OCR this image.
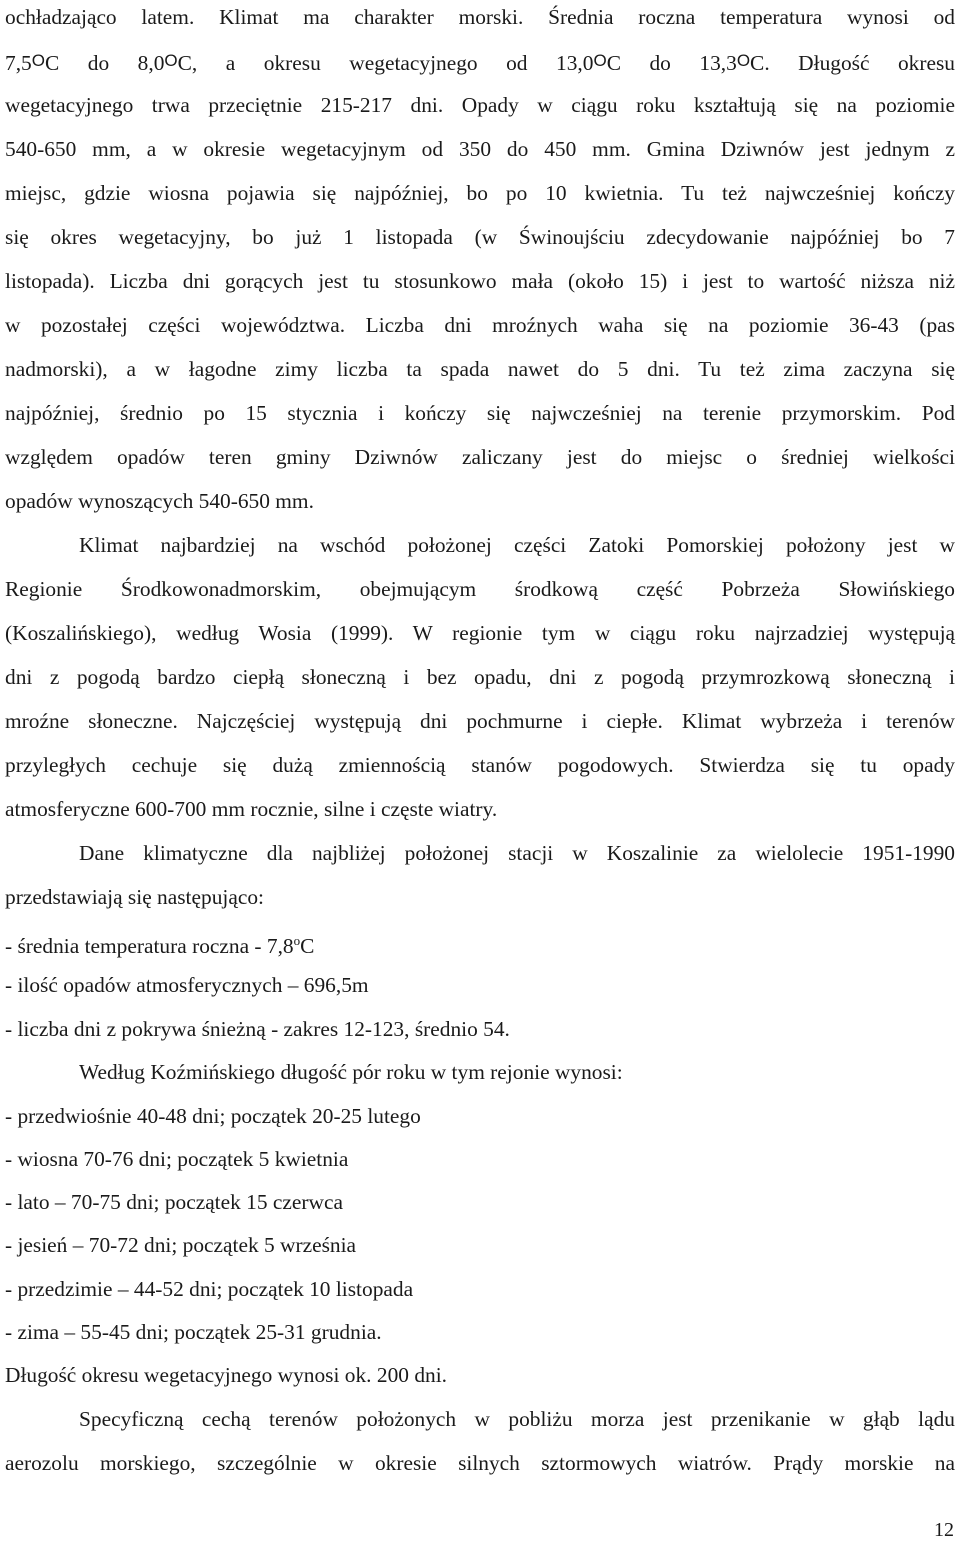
ochładzająco latem. Klimat ma charakter morski. Średnia roczna temperatura wynosi od
7,5OC do 8,0OC, a okresu wegetacyjnego od 13,0OC do 13,3OC. Długość okresu
wegetacyjnego trwa przeciętnie 215-217 dni. Opady w ciągu roku kształtują się na poziomie
540-650 mm, a w okresie wegetacyjnym od 350 do 450 mm. Gmina Dziwnów jest jednym z
miejsc, gdzie wiosna pojawia się najpóźniej, bo po 10 kwietnia. Tu też najwcześniej kończy
się okres wegetacyjny, bo już 1 listopada (w Świnoujściu zdecydowanie najpóźniej bo 7
listopada). Liczba dni gorących jest tu stosunkowo mała (około 15) i jest to wartość niższa niż
w pozostałej części województwa. Liczba dni mroźnych waha się na poziomie 36-43 (pas
nadmorski), a w łagodne zimy liczba ta spada nawet do 5 dni. Tu też zima zaczyna się
najpóźniej, średnio po 15 stycznia i kończy się najwcześniej na terenie przymorskim. Pod
względem opadów teren gminy Dziwnów zaliczany jest do miejsc o średniej wielkości
opadów wynoszących 540-650 mm.
Klimat najbardziej na wschód położonej części Zatoki Pomorskiej położony jest w
Regionie Środkowonadmorskim, obejmującym środkową część Pobrzeża Słowińskiego
(Koszalińskiego), według Wosia (1999). W regionie tym w ciągu roku najrzadziej występują
dni z pogodą bardzo ciepłą słoneczną i bez opadu, dni z pogodą przymrozkową słoneczną i
mroźne słoneczne. Najczęściej występują dni pochmurne i ciepłe. Klimat wybrzeża i terenów
przyległych cechuje się dużą zmiennością stanów pogodowych. Stwierdza się tu opady
atmosferyczne 600-700 mm rocznie, silne i częste wiatry.
Dane klimatyczne dla najbliżej położonej stacji w Koszalinie za wielolecie 1951-1990
przedstawiają się następująco:
- średnia temperatura roczna - 7,8$^o$C
- ilość opadów atmosferycznych – 696,5m
- liczba dni z pokrywa śnieżną - zakres 12-123, średnio 54.
Według Koźmińskiego długość pór roku w tym rejonie wynosi:
- przedwiośnie 40-48 dni; początek 20-25 lutego
- wiosna 70-76 dni; początek 5 kwietnia
- lato – 70-75 dni; początek 15 czerwca
- jesień – 70-72 dni; początek 5 września
- przedzimie – 44-52 dni; początek 10 listopada
- zima – 55-45 dni; początek 25-31 grudnia.
Długość okresu wegetacyjnego wynosi ok. 200 dni.
Specyficzną cechą terenów położonych w pobliżu morza jest przenikanie w głąb lądu
aerozolu morskiego, szczególnie w okresie silnych sztormowych wiatrów. Prądy morskie na
12
